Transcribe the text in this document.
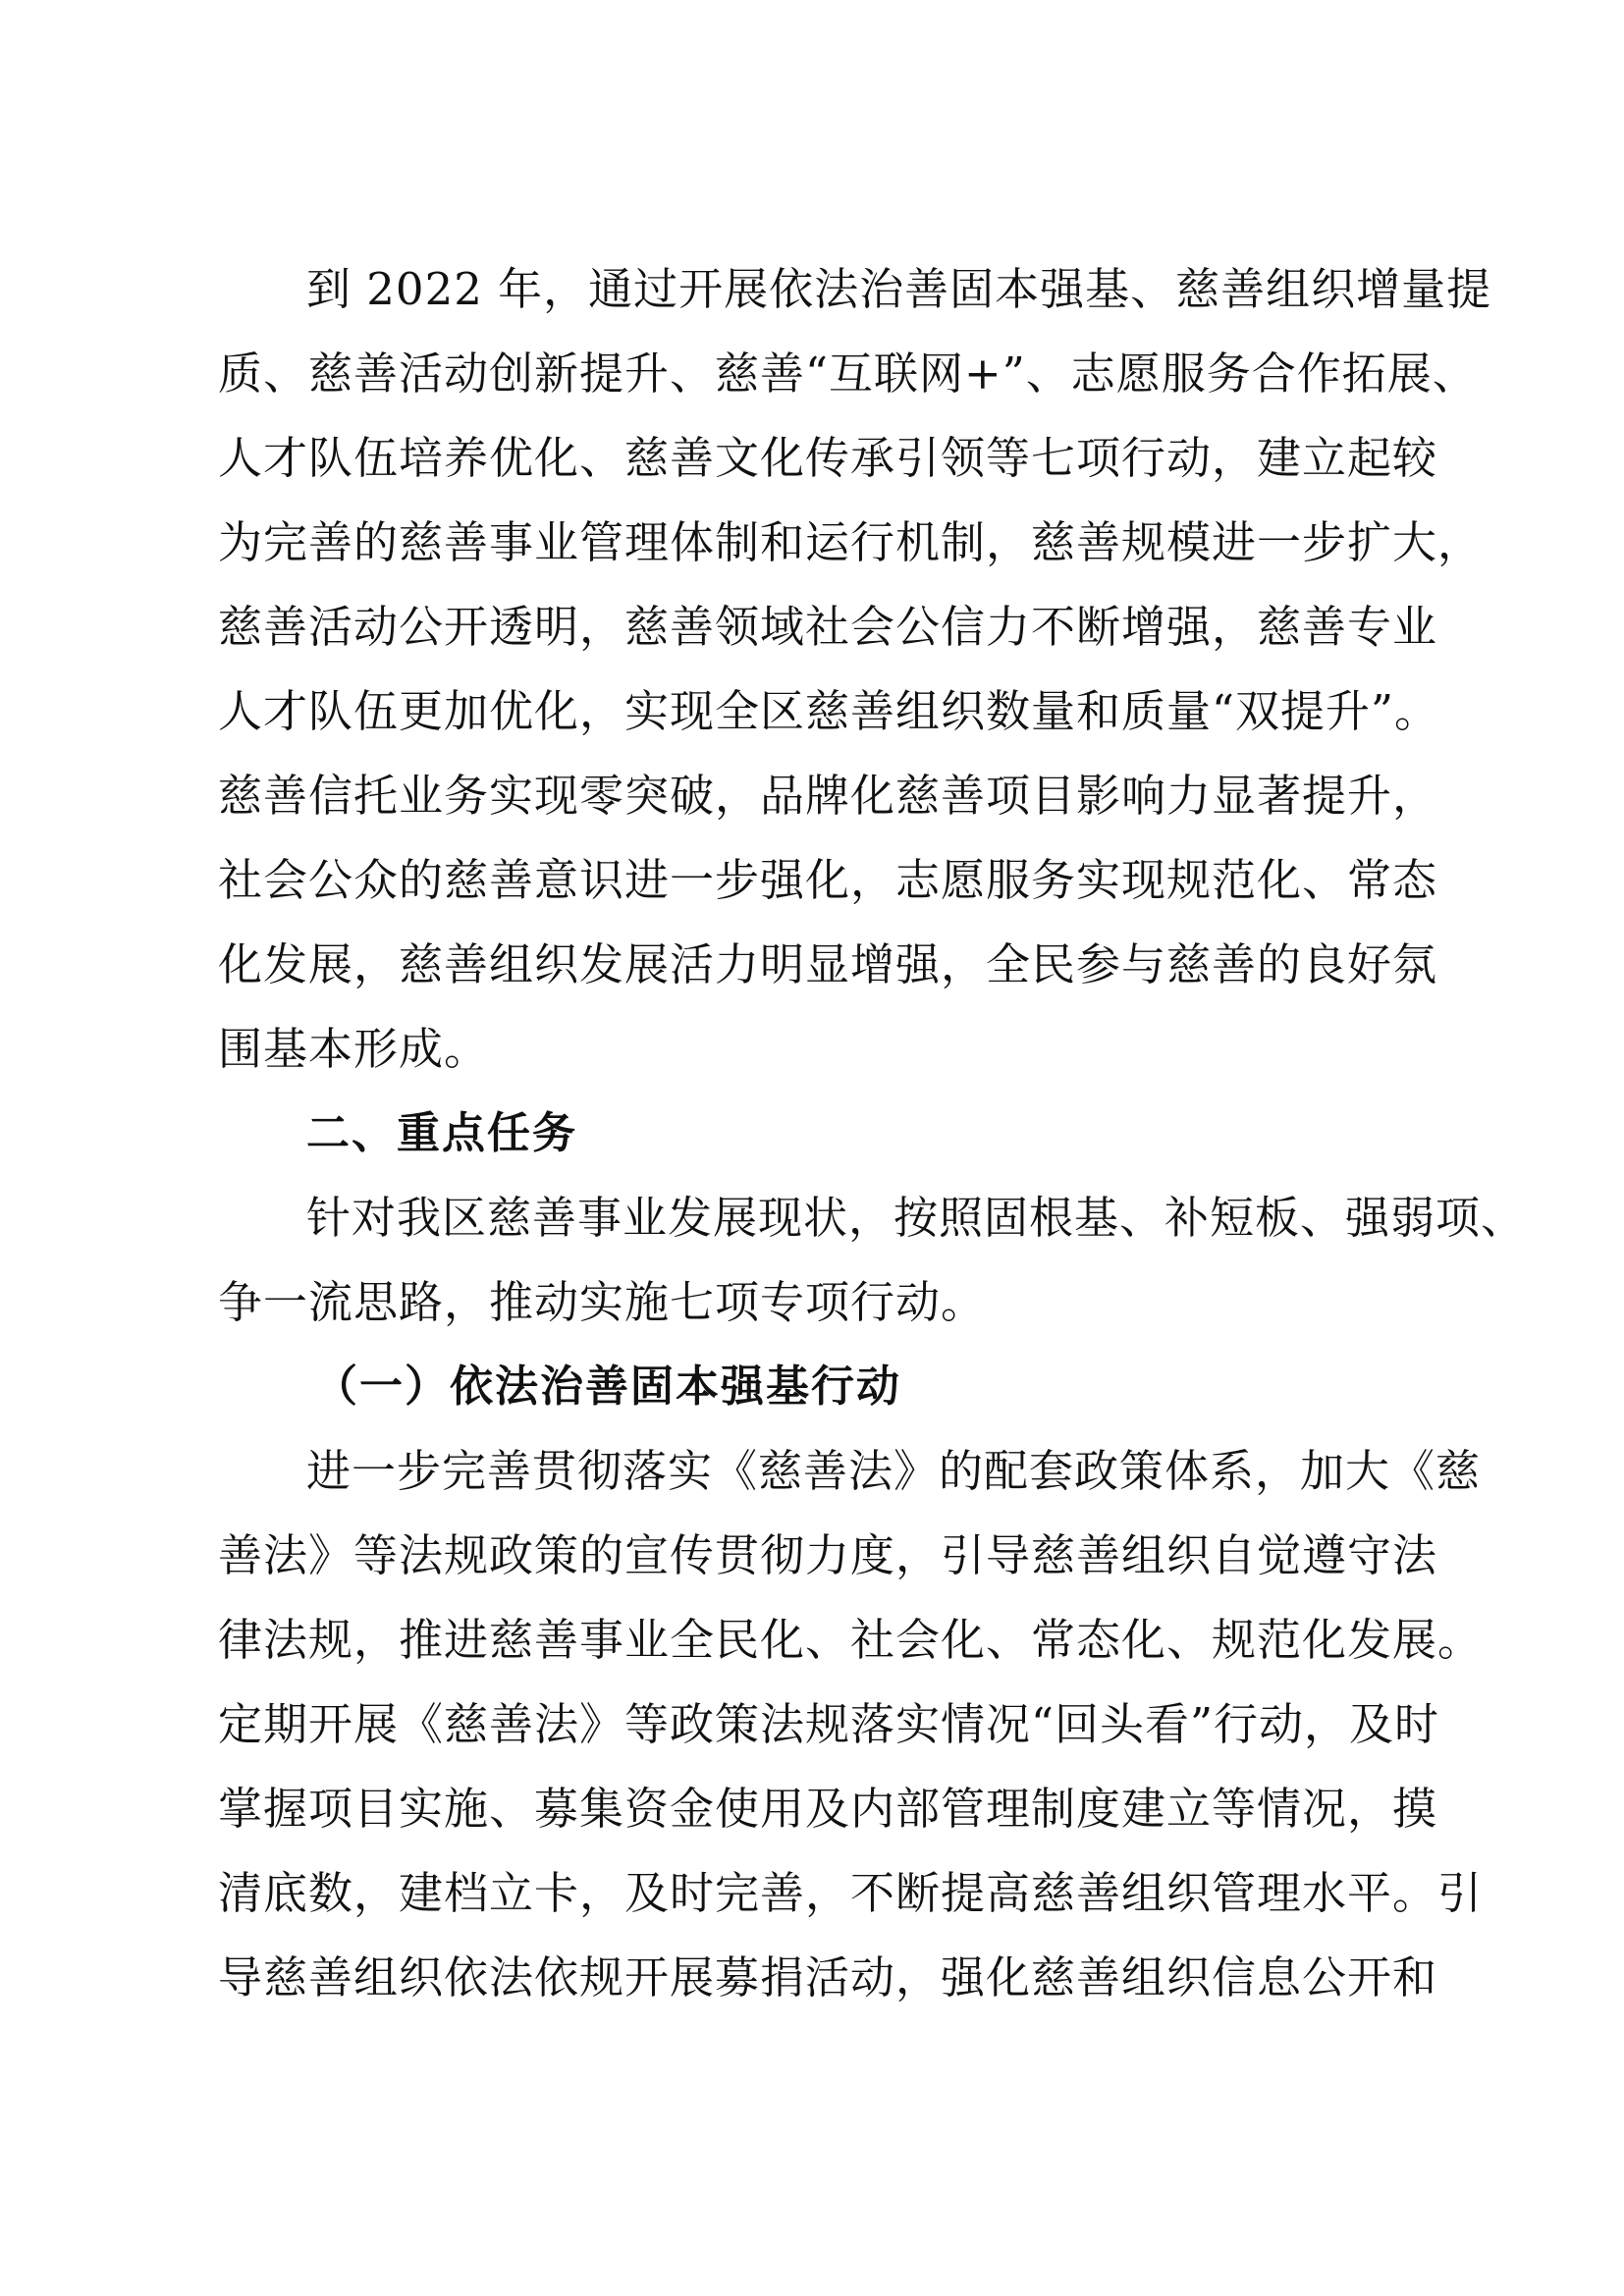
到 2022 年，通过开展依法治善固本强基、慈善组织增量提
质、慈善活动创新提升、慈善“互联网+”、志愿服务合作拓展、
人才队伍培养优化、慈善文化传承引领等七项行动，建立起较
为完善的慈善事业管理体制和运行机制，慈善规模进一步扩大，
慈善活动公开透明，慈善领域社会公信力不断增强，慈善专业
人才队伍更加优化，实现全区慈善组织数量和质量“双提升”。
慈善信托业务实现零突破，品牌化慈善项目影响力显著提升，
社会公众的慈善意识进一步强化，志愿服务实现规范化、常态
化发展，慈善组织发展活力明显增强，全民参与慈善的良好氛
围基本形成。
二、重点任务
针对我区慈善事业发展现状，按照固根基、补短板、强弱项、
争一流思路，推动实施七项专项行动。
（一）依法治善固本强基行动
进一步完善贯彻落实《慈善法》的配套政策体系，加大《慈
善法》等法规政策的宣传贯彻力度，引导慈善组织自觉遵守法
律法规，推进慈善事业全民化、社会化、常态化、规范化发展。
定期开展《慈善法》等政策法规落实情况“回头看”行动，及时
掌握项目实施、募集资金使用及内部管理制度建立等情况，摸
清底数，建档立卡，及时完善，不断提高慈善组织管理水平。引
导慈善组织依法依规开展募捐活动，强化慈善组织信息公开和
